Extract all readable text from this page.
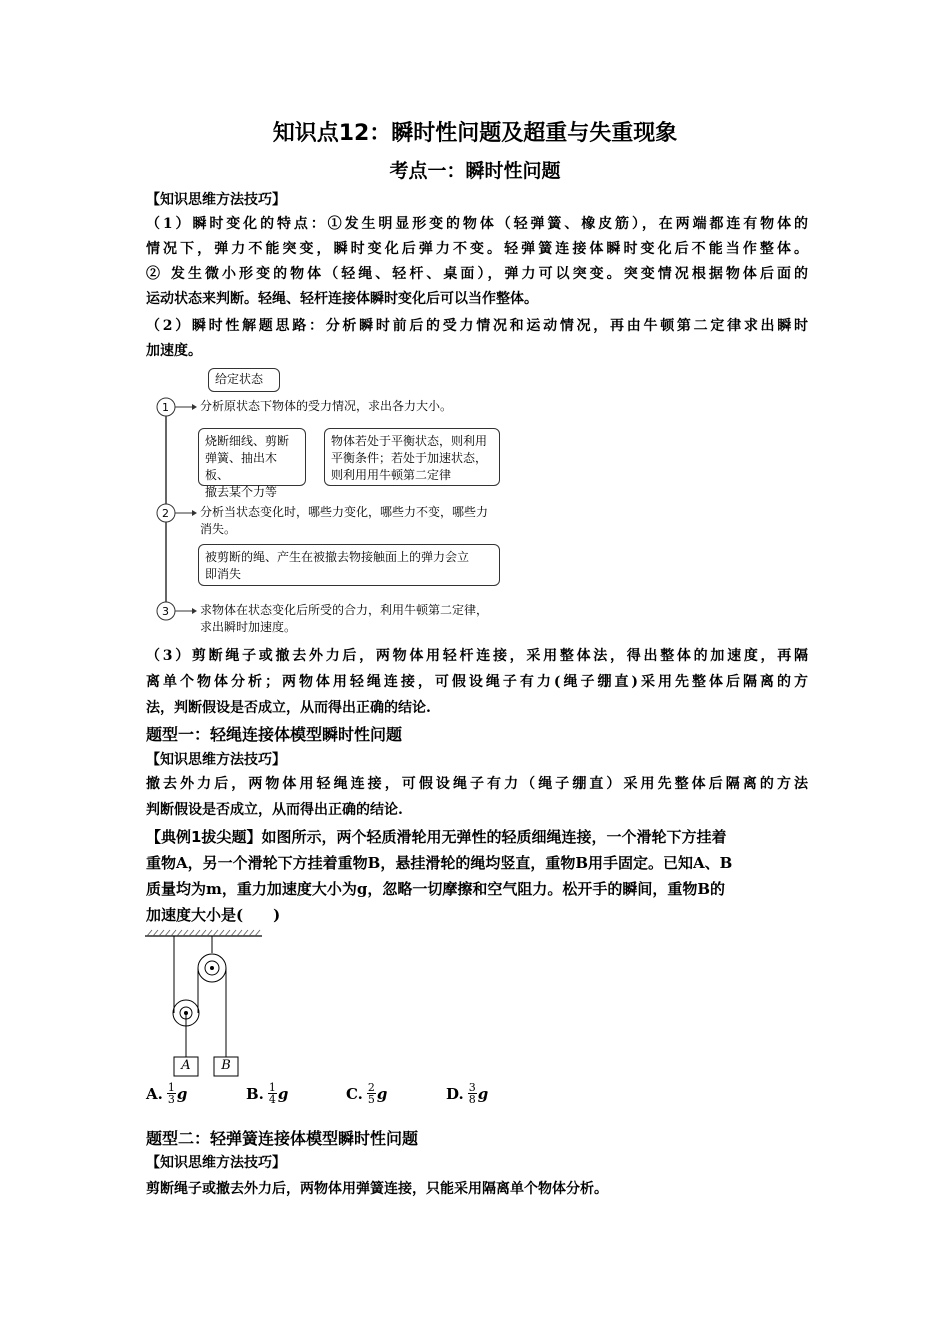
知识点12：瞬时性问题及超重与失重现象
考点一：瞬时性问题
【知识思维方法技巧】
（1）瞬时变化的特点：①发生明显形变的物体（轻弹簧、橡皮筋），在两端都连有物体的
情况下，弹力不能突变，瞬时变化后弹力不变。轻弹簧连接体瞬时变化后不能当作整体。
② 发生微小形变的物体（轻绳、轻杆、桌面），弹力可以突变。突变情况根据物体后面的
运动状态来判断。轻绳、轻杆连接体瞬时变化后可以当作整体。
（2）瞬时性解题思路：分析瞬时前后的受力情况和运动情况，再由牛顿第二定律求出瞬时
加速度。
1
2
3
给定状态
分析原状态下物体的受力情况，求出各力大小。
烧断细线、剪断
弹簧、抽出木板、
撤去某个力等
物体若处于平衡状态，则利用
平衡条件；若处于加速状态，
则利用用牛顿第二定律
分析当状态变化时，哪些力变化，哪些力不变，哪些力
消失。
被剪断的绳、产生在被撤去物接触面上的弹力会立
即消失
求物体在状态变化后所受的合力，利用牛顿第二定律，
求出瞬时加速度。
（3）剪断绳子或撤去外力后，两物体用轻杆连接，采用整体法，得出整体的加速度，再隔
离单个物体分析；两物体用轻绳连接，可假设绳子有力(绳子绷直)采用先整体后隔离的方
法，判断假设是否成立，从而得出正确的结论.
题型一：轻绳连接体模型瞬时性问题
【知识思维方法技巧】
撤去外力后，两物体用轻绳连接，可假设绳子有力（绳子绷直）采用先整体后隔离的方法
判断假设是否成立，从而得出正确的结论.
【典例1拔尖题】如图所示，两个轻质滑轮用无弹性的轻质细绳连接，一个滑轮下方挂着
重物A，另一个滑轮下方挂着重物B，悬挂滑轮的绳均竖直，重物B用手固定。已知A、B
质量均为m，重力加速度大小为g，忽略一切摩擦和空气阻力。松开手的瞬间，重物B的
加速度大小是(　　)
A	B
A. $\frac{1}{3}$ g	B. $\frac{1}{4}$ g	C. $\frac{2}{5}$ g	D. $\frac{3}{8}$ g
题型二：轻弹簧连接体模型瞬时性问题
【知识思维方法技巧】
剪断绳子或撤去外力后，两物体用弹簧连接，只能采用隔离单个物体分析。
